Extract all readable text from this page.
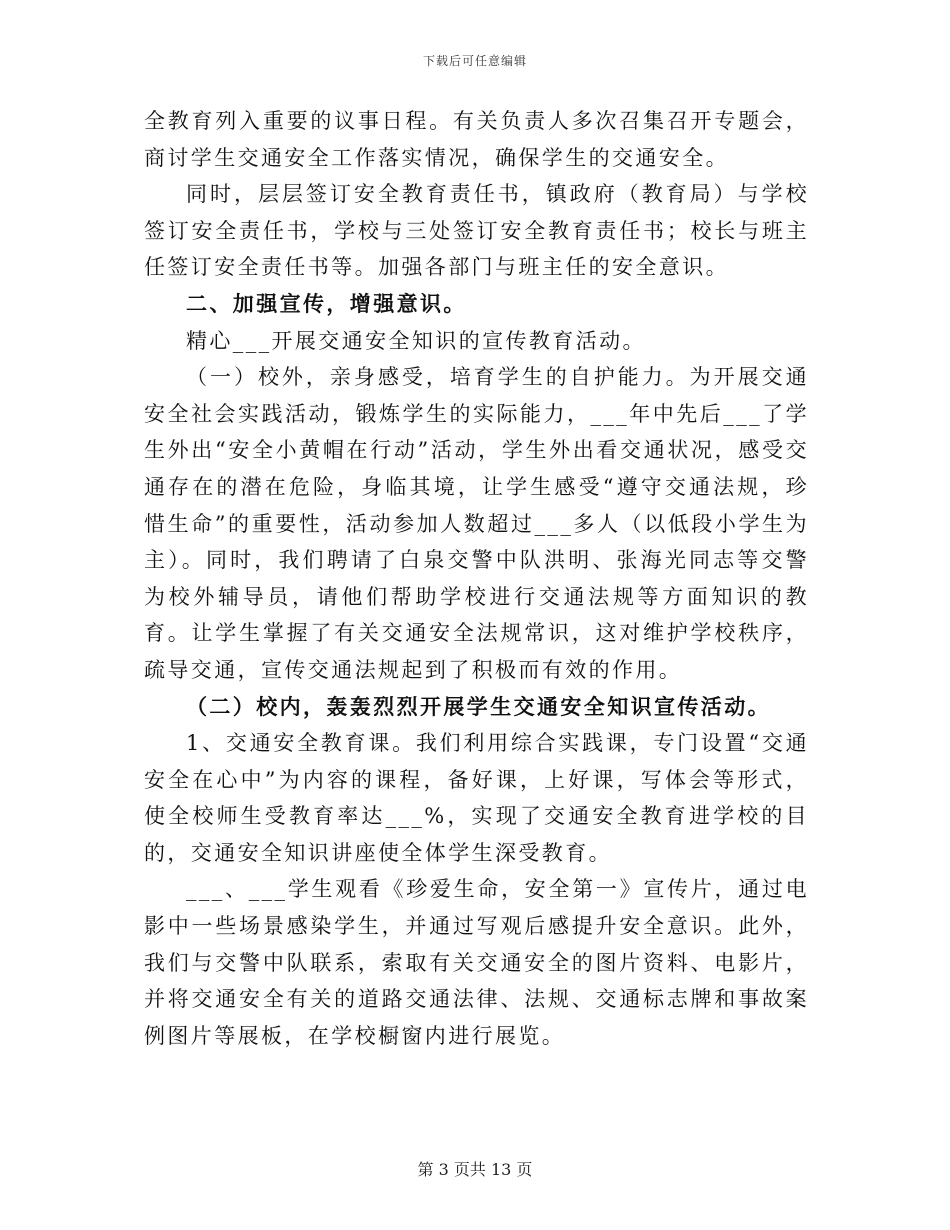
下载后可任意编辑

全教育列入重要的议事日程。有关负责人多次召集召开专题会，商讨学生交通安全工作落实情况，确保学生的交通安全。

同时，层层签订安全教育责任书，镇政府（教育局）与学校签订安全责任书，学校与三处签订安全教育责任书；校长与班主任签订安全责任书等。加强各部门与班主任的安全意识。

二、加强宣传，增强意识。

精心___开展交通安全知识的宣传教育活动。

（一）校外，亲身感受，培育学生的自护能力。为开展交通安全社会实践活动，锻炼学生的实际能力，___年中先后___了学生外出“安全小黄帽在行动”活动，学生外出看交通状况，感受交通存在的潜在危险，身临其境，让学生感受“遵守交通法规，珍惜生命”的重要性，活动参加人数超过___多人（以低段小学生为主）。同时，我们聘请了白泉交警中队洪明、张海光同志等交警为校外辅导员，请他们帮助学校进行交通法规等方面知识的教育。让学生掌握了有关交通安全法规常识，这对维护学校秩序，疏导交通，宣传交通法规起到了积极而有效的作用。

（二）校内，轰轰烈烈开展学生交通安全知识宣传活动。

1、交通安全教育课。我们利用综合实践课，专门设置“交通安全在心中”为内容的课程，备好课，上好课，写体会等形式，使全校师生受教育率达___%，实现了交通安全教育进学校的目的，交通安全知识讲座使全体学生深受教育。

___、___学生观看《珍爱生命，安全第一》宣传片，通过电影中一些场景感染学生，并通过写观后感提升安全意识。此外，我们与交警中队联系，索取有关交通安全的图片资料、电影片，并将交通安全有关的道路交通法律、法规、交通标志牌和事故案例图片等展板，在学校橱窗内进行展览。

第 3 页共 13 页
